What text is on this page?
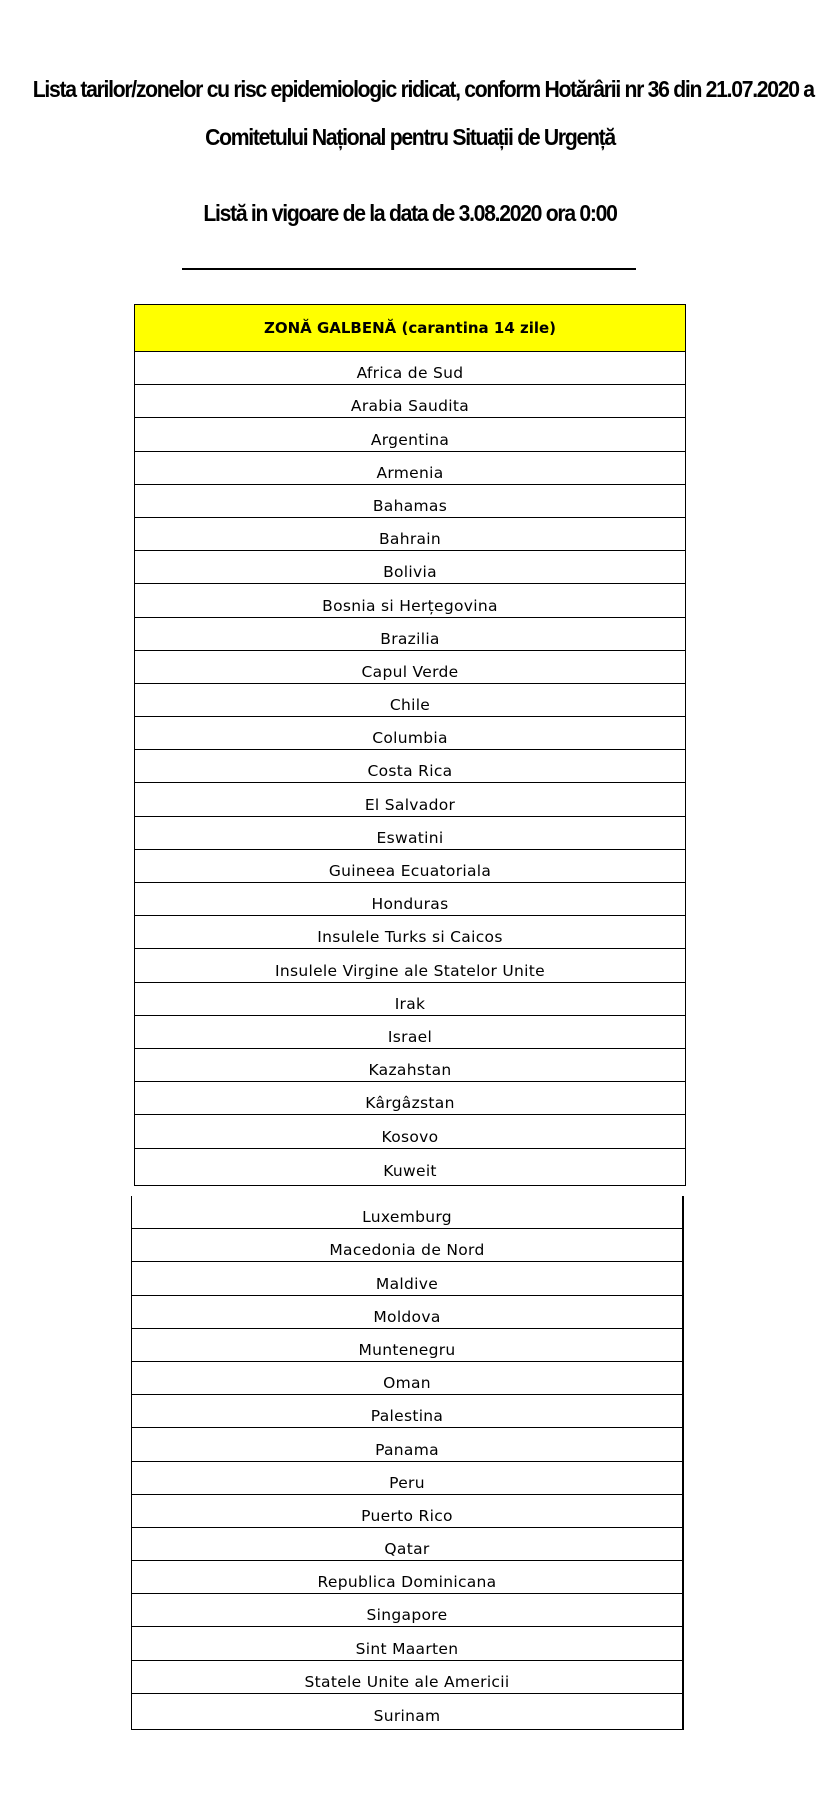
Lista tarilor/zonelor cu risc epidemiologic ridicat, conform Hotărârii nr 36 din 21.07.2020 a
Comitetului Național pentru Situații de Urgență
Listă in vigoare de la data de 3.08.2020 ora 0:00
ZONĂ GALBENĂ (carantina 14 zile)
Africa de Sud
Arabia Saudita
Argentina
Armenia
Bahamas
Bahrain
Bolivia
Bosnia si Herțegovina
Brazilia
Capul Verde
Chile
Columbia
Costa Rica
El Salvador
Eswatini
Guineea Ecuatoriala
Honduras
Insulele Turks si Caicos
Insulele Virgine ale Statelor Unite
Irak
Israel
Kazahstan
Kârgâzstan
Kosovo
Kuweit
Luxemburg
Macedonia de Nord
Maldive
Moldova
Muntenegru
Oman
Palestina
Panama
Peru
Puerto Rico
Qatar
Republica Dominicana
Singapore
Sint Maarten
Statele Unite ale Americii
Surinam
